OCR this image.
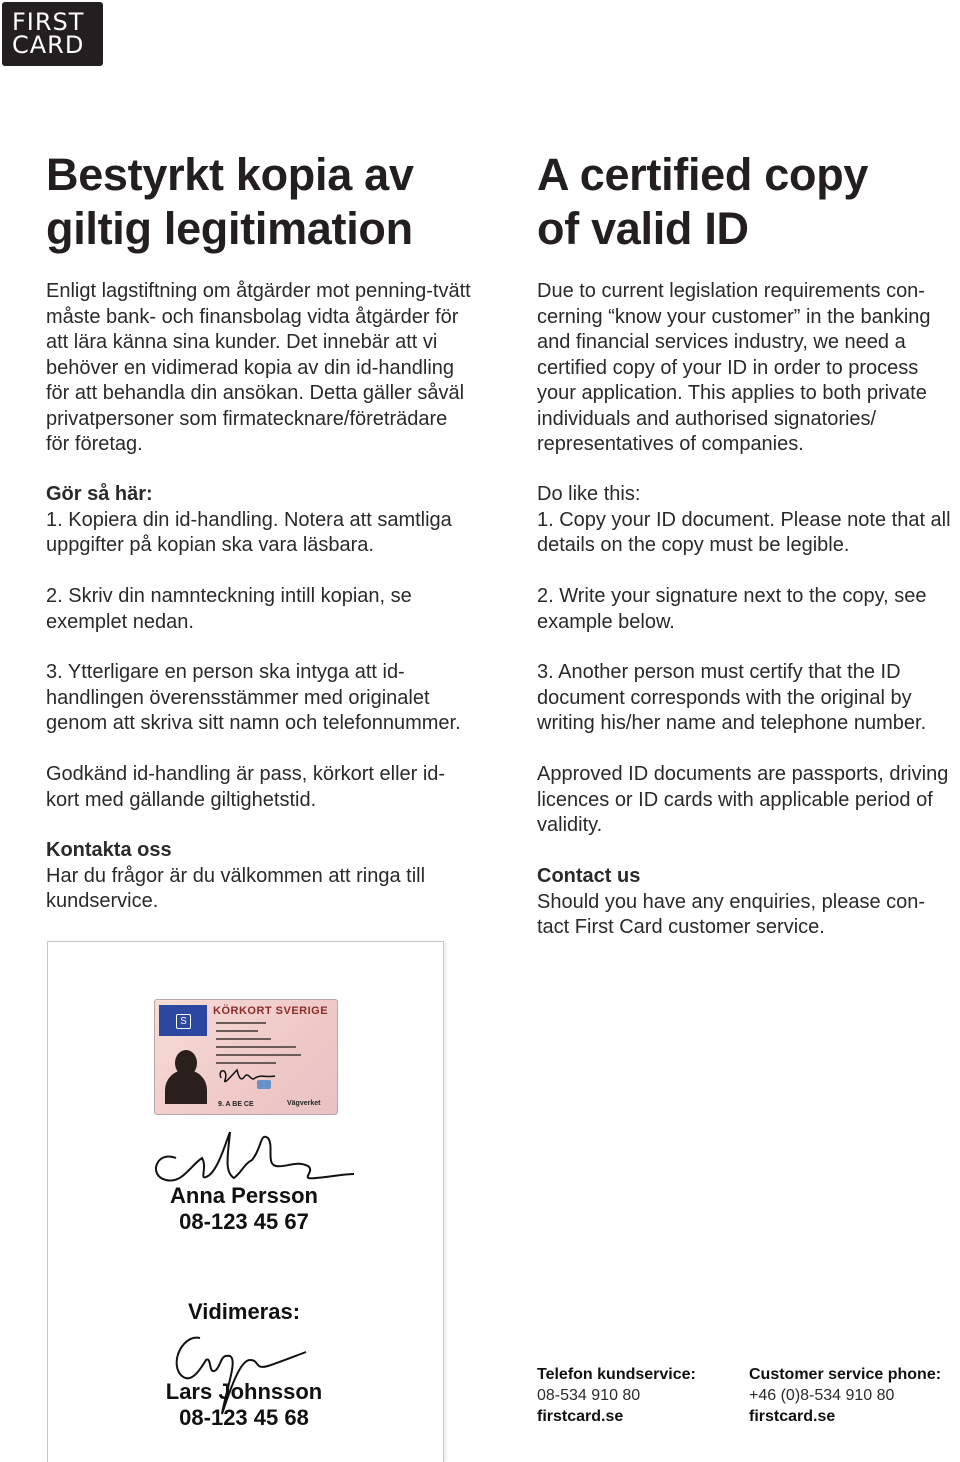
FIRST
CARD
Bestyrkt kopia av
giltig legitimation
A certified copy
of valid ID

Enligt lagstiftning om åtgärder mot penning-tvätt måste bank- och finansbolag vidta åtgärder för att lära känna sina kunder. Det innebär att vi behöver en vidimerad kopia av din id-handling för att behandla din ansökan. Detta gäller såväl privatpersoner som firmatecknare/företrädare för företag.

Gör så här:

1. Kopiera din id-handling. Notera att samtliga uppgifter på kopian ska vara läsbara.

2. Skriv din namnteckning intill kopian, se exemplet nedan.

3. Ytterligare en person ska intyga att id-handlingen överensstämmer med originalet genom att skriva sitt namn och telefonnummer.

Godkänd id-handling är pass, körkort eller id-kort med gällande giltighetstid.

Kontakta oss

Har du frågor är du välkommen att ringa till kundservice.

Due to current legislation requirements con-cerning “know your customer” in the banking and financial services industry, we need a certified copy of your ID in order to process your application. This applies to both private individuals and authorised signatories/ representatives of companies.

Do like this:

1. Copy your ID document. Please note that all details on the copy must be legible.

2. Write your signature next to the copy, see example below.

3. Another person must certify that the ID document corresponds with the original by writing his/her name and telephone number.

Approved ID documents are passports, driving licences or ID cards with applicable period of validity.

Contact us

Should you have any enquiries, please con-tact First Card customer service.

S
KÖRKORT SVERIGE
9. A BE CE	Vägverket
Anna Persson
08-123 45 67
Vidimeras:
Lars Johnsson
08-123 45 68

Telefon kundservice:

08-534 910 80

firstcard.se

Customer service phone:

+46 (0)8-534 910 80

firstcard.se
